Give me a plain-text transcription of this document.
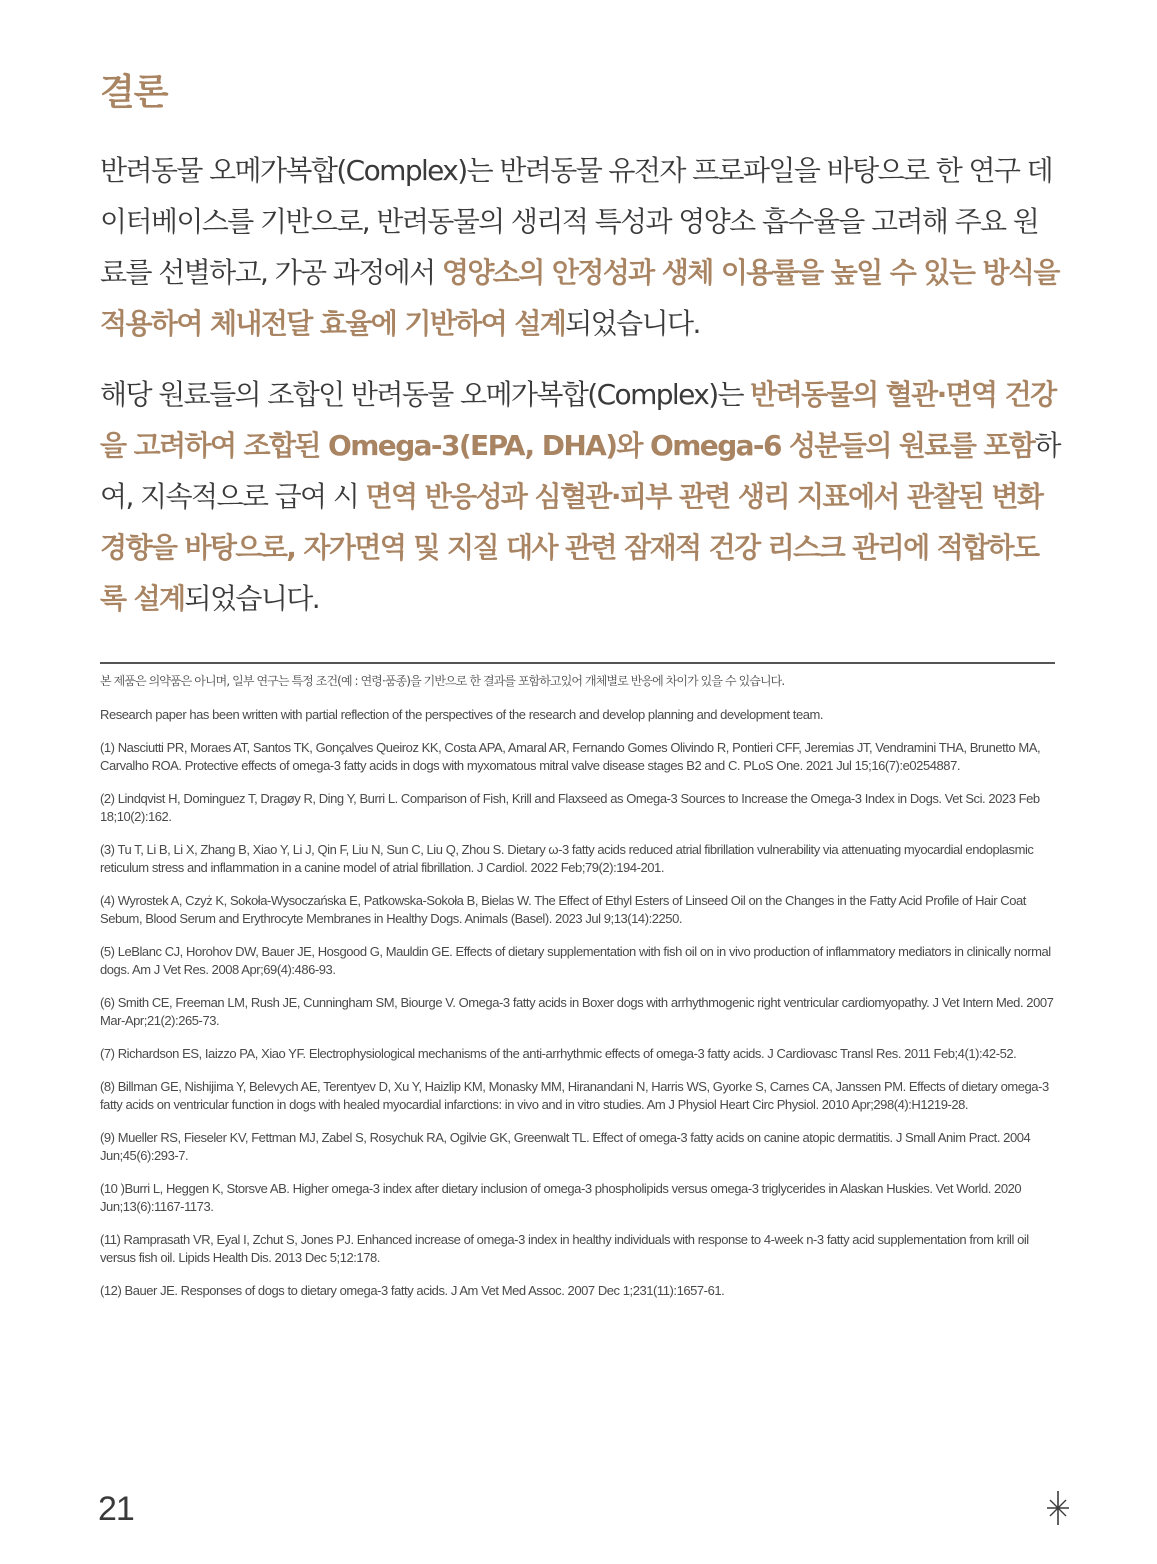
결론

반려동물 오메가복합(Complex)는 반려동물 유전자 프로파일을 바탕으로 한 연구 데이터베이스를 기반으로, 반려동물의 생리적 특성과 영양소 흡수율을 고려해 주요 원료를 선별하고, 가공 과정에서 영양소의 안정성과 생체 이용률을 높일 수 있는 방식을 적용하여 체내전달 효율에 기반하여 설계되었습니다.

해당 원료들의 조합인 반려동물 오메가복합(Complex)는 반려동물의 혈관·면역 건강을 고려하여 조합된 Omega-3(EPA, DHA)와 Omega-6 성분들의 원료를 포함하여, 지속적으로 급여 시 면역 반응성과 심혈관·피부 관련 생리 지표에서 관찰된 변화 경향을 바탕으로, 자가면역 및 지질 대사 관련 잠재적 건강 리스크 관리에 적합하도록 설계되었습니다.

본 제품은 의약품은 아니며, 일부 연구는 특정 조건(예 : 연령·품종)을 기반으로 한 결과를 포함하고있어 개체별로 반응에 차이가 있을 수 있습니다.

Research paper has been written with partial reflection of the perspectives of the research and develop planning and development team.

(1) Nasciutti PR, Moraes AT, Santos TK, Gonçalves Queiroz KK, Costa APA, Amaral AR, Fernando Gomes Olivindo R, Pontieri CFF, Jeremias JT, Vendramini THA, Brunetto MA, Carvalho ROA. Protective effects of omega-3 fatty acids in dogs with myxomatous mitral valve disease stages B2 and C. PLoS One. 2021 Jul 15;16(7):e0254887.

(2) Lindqvist H, Dominguez T, Dragøy R, Ding Y, Burri L. Comparison of Fish, Krill and Flaxseed as Omega-3 Sources to Increase the Omega-3 Index in Dogs. Vet Sci. 2023 Feb 18;10(2):162.

(3) Tu T, Li B, Li X, Zhang B, Xiao Y, Li J, Qin F, Liu N, Sun C, Liu Q, Zhou S. Dietary ω-3 fatty acids reduced atrial fibrillation vulnerability via attenuating myocardial endoplasmic reticulum stress and inflammation in a canine model of atrial fibrillation. J Cardiol. 2022 Feb;79(2):194-201.

(4) Wyrostek A, Czyż K, Sokoła-Wysoczańska E, Patkowska-Sokoła B, Bielas W. The Effect of Ethyl Esters of Linseed Oil on the Changes in the Fatty Acid Profile of Hair Coat Sebum, Blood Serum and Erythrocyte Membranes in Healthy Dogs. Animals (Basel). 2023 Jul 9;13(14):2250.

(5) LeBlanc CJ, Horohov DW, Bauer JE, Hosgood G, Mauldin GE. Effects of dietary supplementation with fish oil on in vivo production of inflammatory mediators in clinically normal dogs. Am J Vet Res. 2008 Apr;69(4):486-93.

(6) Smith CE, Freeman LM, Rush JE, Cunningham SM, Biourge V. Omega-3 fatty acids in Boxer dogs with arrhythmogenic right ventricular cardiomyopathy. J Vet Intern Med. 2007 Mar-Apr;21(2):265-73.

(7) Richardson ES, Iaizzo PA, Xiao YF. Electrophysiological mechanisms of the anti-arrhythmic effects of omega-3 fatty acids. J Cardiovasc Transl Res. 2011 Feb;4(1):42-52.

(8) Billman GE, Nishijima Y, Belevych AE, Terentyev D, Xu Y, Haizlip KM, Monasky MM, Hiranandani N, Harris WS, Gyorke S, Carnes CA, Janssen PM. Effects of dietary omega-3 fatty acids on ventricular function in dogs with healed myocardial infarctions: in vivo and in vitro studies. Am J Physiol Heart Circ Physiol. 2010 Apr;298(4):H1219-28.

(9) Mueller RS, Fieseler KV, Fettman MJ, Zabel S, Rosychuk RA, Ogilvie GK, Greenwalt TL. Effect of omega-3 fatty acids on canine atopic dermatitis. J Small Anim Pract. 2004 Jun;45(6):293-7.

(10 )Burri L, Heggen K, Storsve AB. Higher omega-3 index after dietary inclusion of omega-3 phospholipids versus omega-3 triglycerides in Alaskan Huskies. Vet World. 2020 Jun;13(6):1167-1173.

(11) Ramprasath VR, Eyal I, Zchut S, Jones PJ. Enhanced increase of omega-3 index in healthy individuals with response to 4-week n-3 fatty acid supplementation from krill oil versus fish oil. Lipids Health Dis. 2013 Dec 5;12:178.

(12) Bauer JE. Responses of dogs to dietary omega-3 fatty acids. J Am Vet Med Assoc. 2007 Dec 1;231(11):1657-61.

21
